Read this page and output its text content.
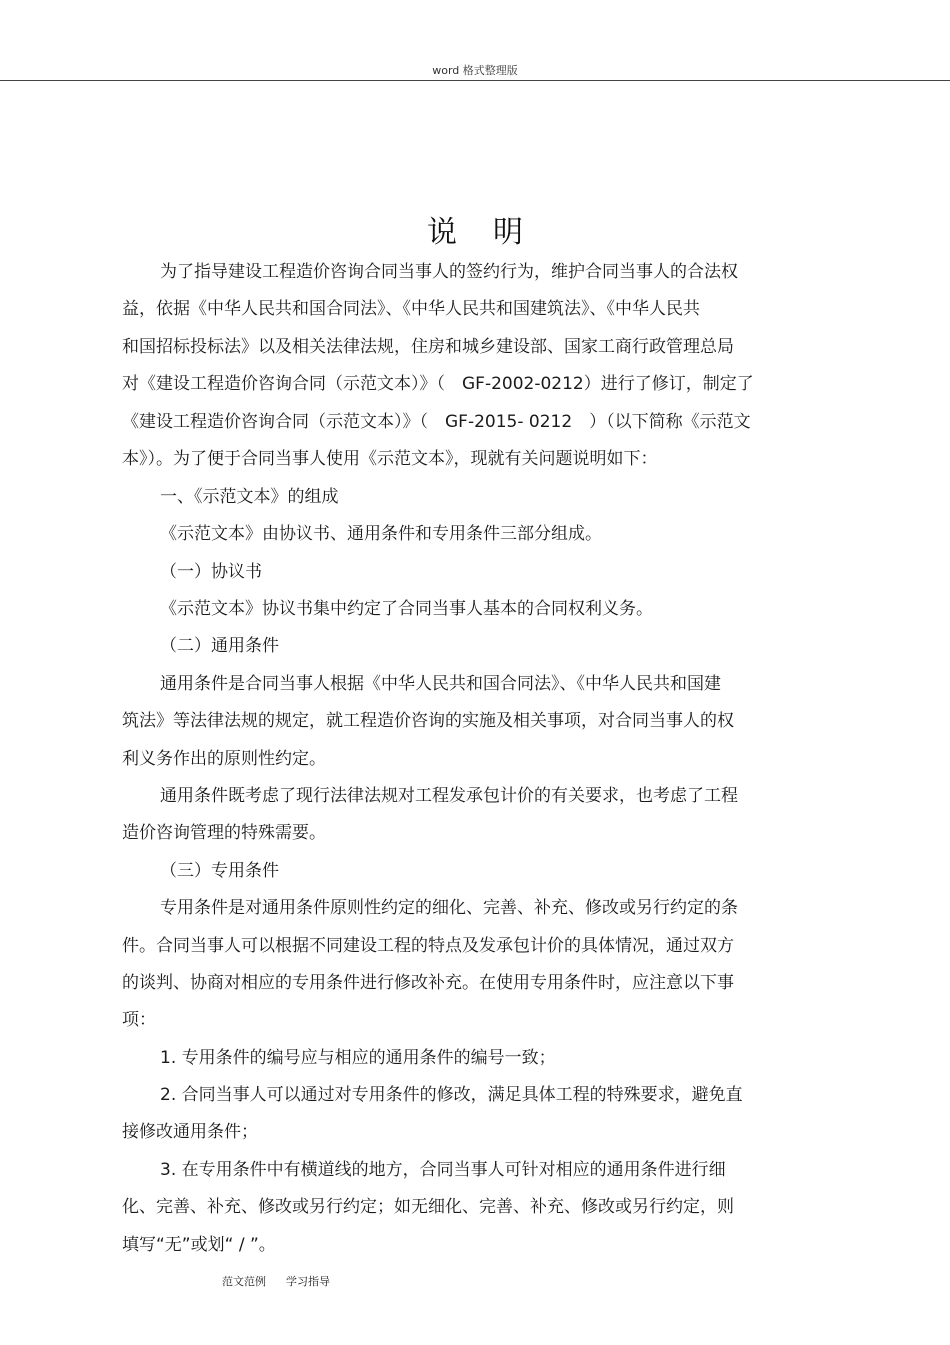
word 格式整理版
说明
为了指导建设工程造价咨询合同当事人的签约行为，维护合同当事人的合法权
益，依据《中华人民共和国合同法》、《中华人民共和国建筑法》、《中华人民共
和国招标投标法》以及相关法律法规，住房和城乡建设部、国家工商行政管理总局
对《建设工程造价咨询合同（示范文本）》（　GF-2002-0212）进行了修订，制定了
《建设工程造价咨询合同（示范文本）》（　GF-2015- 0212　）（以下简称《示范文
本》）。为了便于合同当事人使用《示范文本》，现就有关问题说明如下：
一、《示范文本》的组成
《示范文本》由协议书、通用条件和专用条件三部分组成。
（一）协议书
《示范文本》协议书集中约定了合同当事人基本的合同权利义务。
（二）通用条件
通用条件是合同当事人根据《中华人民共和国合同法》、《中华人民共和国建
筑法》等法律法规的规定，就工程造价咨询的实施及相关事项，对合同当事人的权
利义务作出的原则性约定。
通用条件既考虑了现行法律法规对工程发承包计价的有关要求，也考虑了工程
造价咨询管理的特殊需要。
（三）专用条件
专用条件是对通用条件原则性约定的细化、完善、补充、修改或另行约定的条
件。合同当事人可以根据不同建设工程的特点及发承包计价的具体情况，通过双方
的谈判、协商对相应的专用条件进行修改补充。在使用专用条件时，应注意以下事
项：
1. 专用条件的编号应与相应的通用条件的编号一致；
2. 合同当事人可以通过对专用条件的修改，满足具体工程的特殊要求，避免直
接修改通用条件；
3. 在专用条件中有横道线的地方，合同当事人可针对相应的通用条件进行细
化、完善、补充、修改或另行约定；如无细化、完善、补充、修改或另行约定，则
填写“无”或划“ / ”。
范文范例 学习指导
